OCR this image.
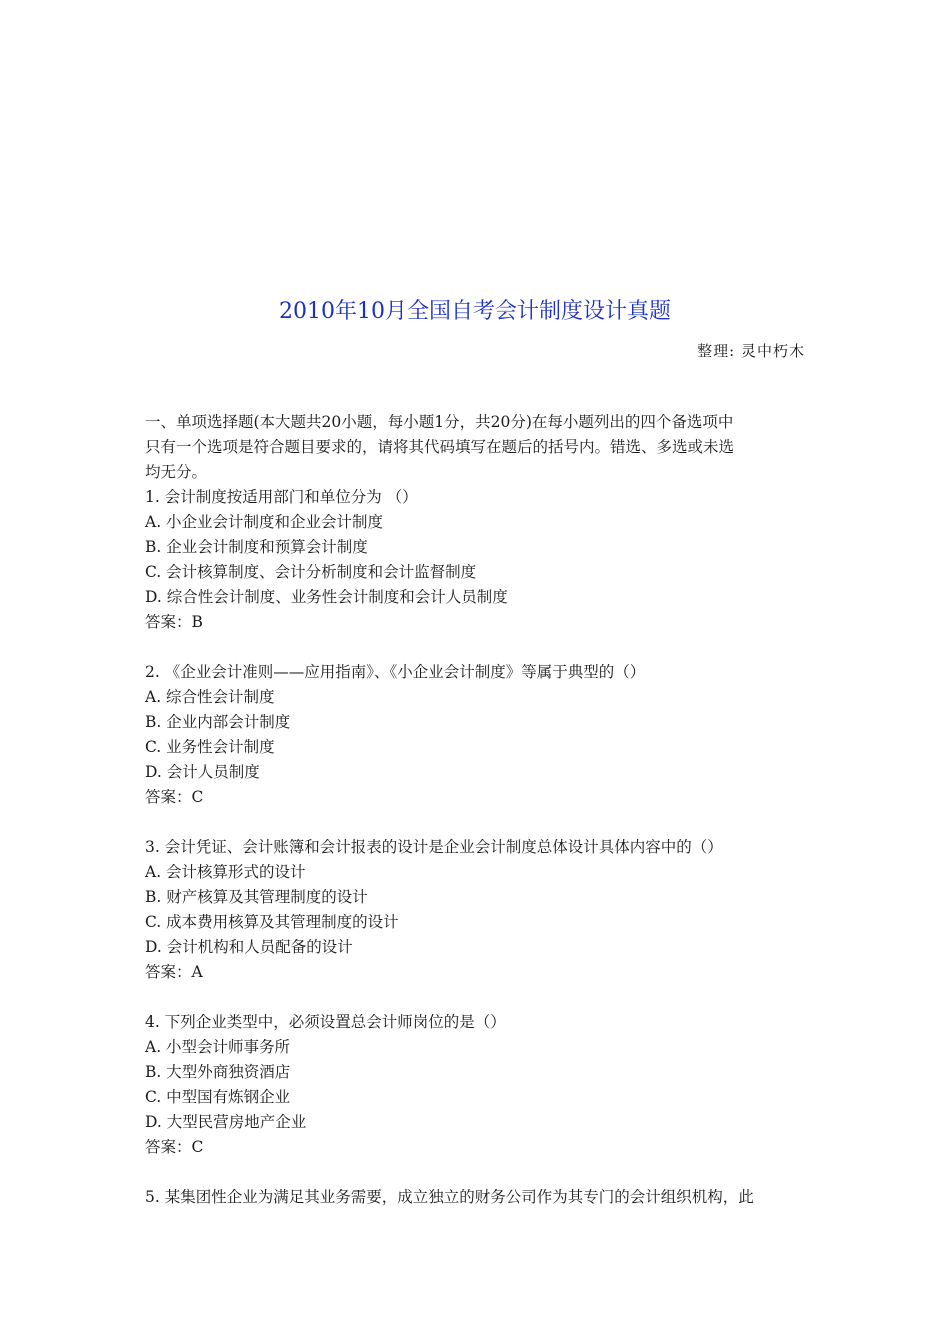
2010年10月全国自考会计制度设计真题
整理: 灵中朽木
一、单项选择题(本大题共20小题，每小题1分，共20分)在每小题列出的四个备选项中
只有一个选项是符合题目要求的，请将其代码填写在题后的括号内。错选、多选或未选
均无分。
1. 会计制度按适用部门和单位分为 （）
A. 小企业会计制度和企业会计制度
B. 企业会计制度和预算会计制度
C. 会计核算制度、会计分析制度和会计监督制度
D. 综合性会计制度、业务性会计制度和会计人员制度
答案：B
2. 《企业会计准则——应用指南》、《小企业会计制度》等属于典型的（）
A. 综合性会计制度
B. 企业内部会计制度
C. 业务性会计制度
D. 会计人员制度
答案：C
3. 会计凭证、会计账簿和会计报表的设计是企业会计制度总体设计具体内容中的（）
A. 会计核算形式的设计
B. 财产核算及其管理制度的设计
C. 成本费用核算及其管理制度的设计
D. 会计机构和人员配备的设计
答案：A
4. 下列企业类型中，必须设置总会计师岗位的是（）
A. 小型会计师事务所
B. 大型外商独资酒店
C. 中型国有炼钢企业
D. 大型民营房地产企业
答案：C
5. 某集团性企业为满足其业务需要，成立独立的财务公司作为其专门的会计组织机构，此
